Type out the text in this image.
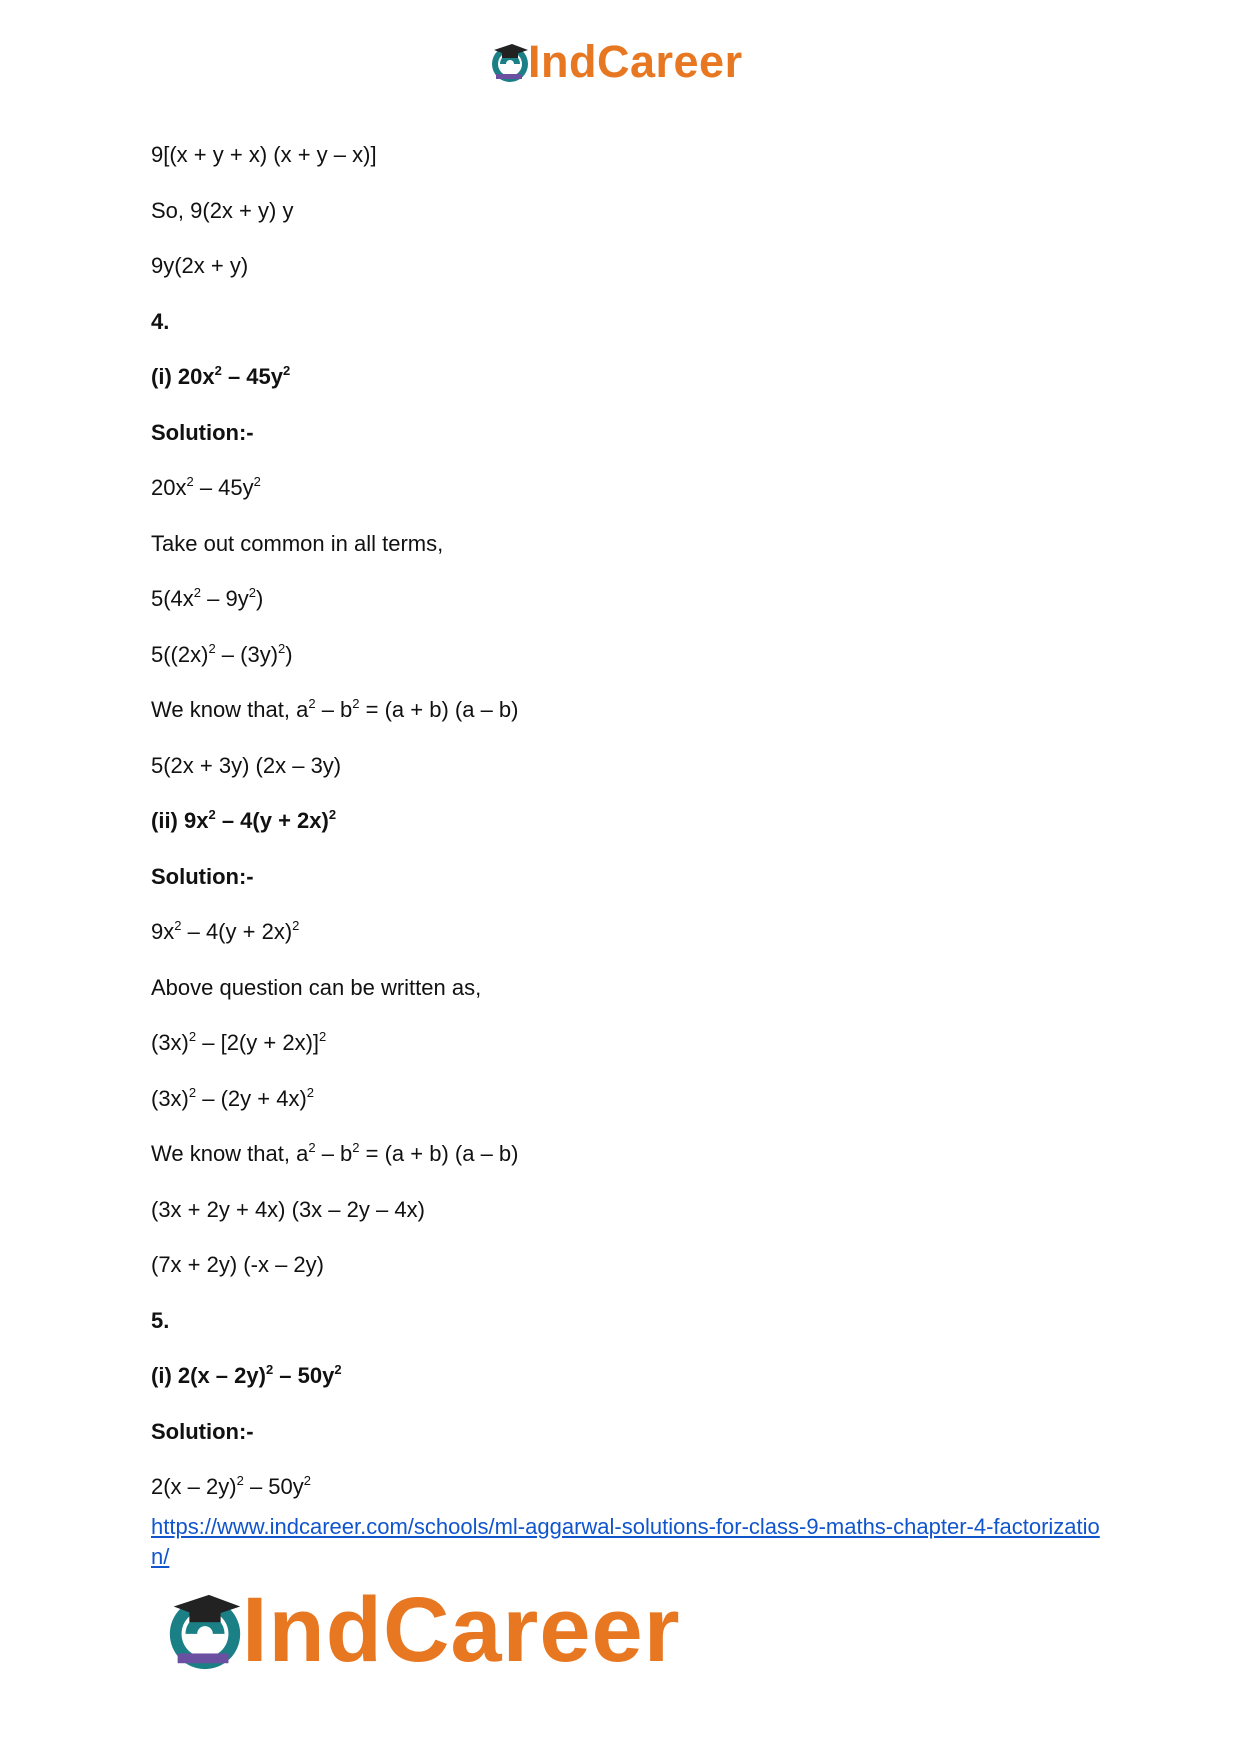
IndCareer
9[(x + y + x) (x + y – x)]
So, 9(2x + y) y
9y(2x + y)
4.
(i) $20x^2 - 45y^2$
Solution:-
$20x^2 - 45y^2$
Take out common in all terms,
$5(4x^2 - 9y^2)$
$5((2x)^2 - (3y)^2)$
We know that, $a^2 - b^2 = (a + b)$ (a – b)
5(2x + 3y) (2x – 3y)
(ii) $9x^2 - 4(y + 2x)^2$
Solution:-
$9x^2 - 4(y + 2x)^2$
Above question can be written as,
$(3x)^2 - [2(y + 2x)]^2$
$(3x)^2 - (2y + 4x)^2$
We know that, $a^2 - b^2 = (a + b)$ (a – b)
(3x + 2y + 4x) (3x – 2y – 4x)
(7x + 2y) (-x – 2y)
5.
(i) $2(x - 2y)^2 - 50y^2$
Solution:-
$2(x - 2y)^2 - 50y^2$
https://www.indcareer.com/schools/ml-aggarwal-solutions-for-class-9-maths-chapter-4-factorization/
IndCareer
